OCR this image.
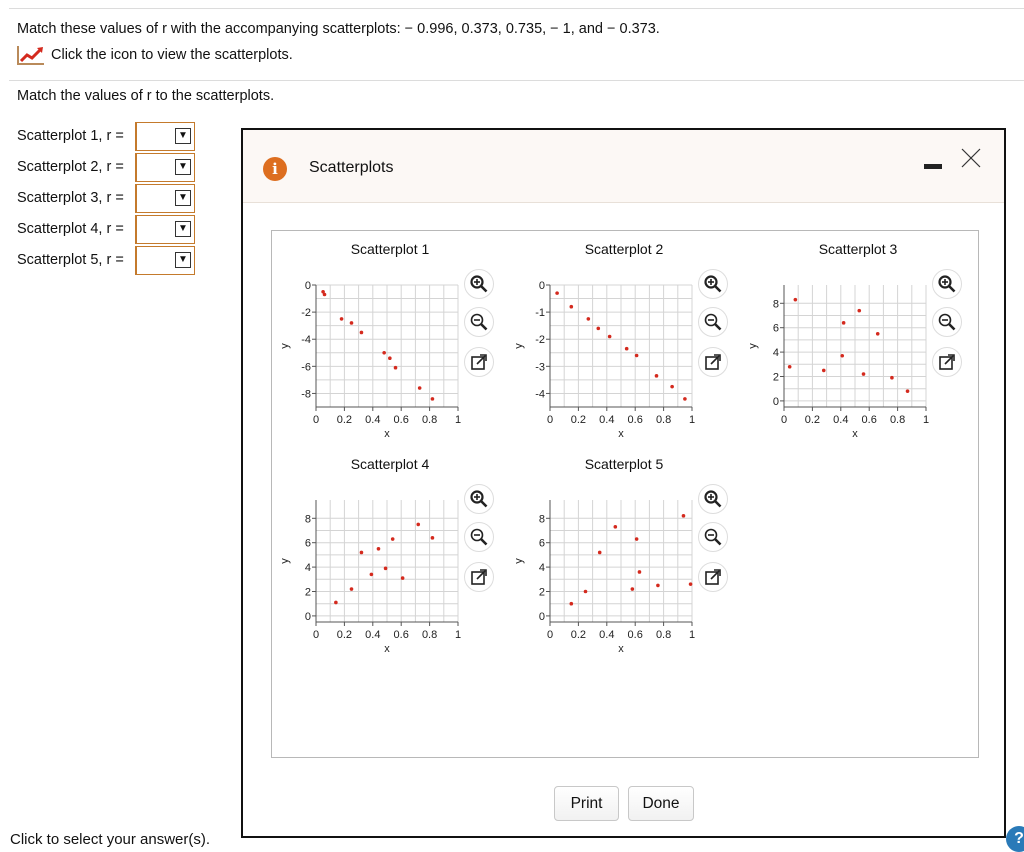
Match these values of r with the accompanying scatterplots: − 0.996, 0.373, 0.735, − 1, and − 0.373.
Click the icon to view the scatterplots.
Match the values of r to the scatterplots.
Scatterplot 1, r =	▼
Scatterplot 2, r =	▼
Scatterplot 3, r =	▼
Scatterplot 4, r =	▼
Scatterplot 5, r =	▼
Click to select your answer(s).	?
i	Scatterplots
Scatterplot 1
0 0.2 0.4 0.6 0.8 1
0
-2
-4
-6
-8
x
y
Scatterplot 2
0 0.2 0.4 0.6 0.8 1
0
-1
-2
-3
-4
x
y
Scatterplot 3
0 0.2 0.4 0.6 0.8 1
0
2
4
6
8
x
y
Scatterplot 4
0 0.2 0.4 0.6 0.8 1
0
2
4
6
8
x
y
Scatterplot 5
0 0.2 0.4 0.6 0.8 1
0
2
4
6
8
x
y
Print	Done
